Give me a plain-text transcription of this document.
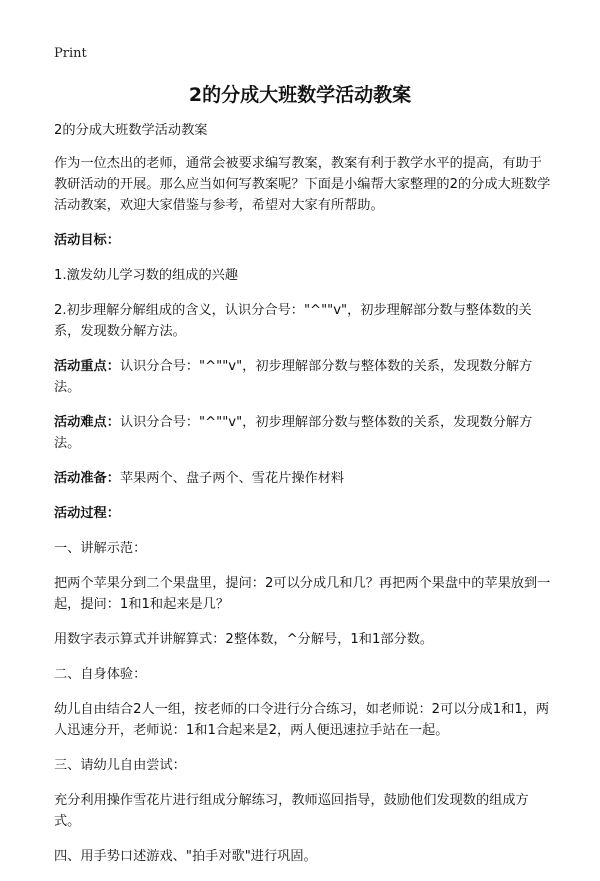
Print
2的分成大班数学活动教案

2的分成大班数学活动教案

作为一位杰出的老师，通常会被要求编写教案，教案有利于教学水平的提高，有助于教研活动的开展。那么应当如何写教案呢？下面是小编帮大家整理的2的分成大班数学活动教案，欢迎大家借鉴与参考，希望对大家有所帮助。

活动目标：

1.激发幼儿学习数的组成的兴趣

2.初步理解分解组成的含义，认识分合号："^""v"，初步理解部分数与整体数的关系，发现数分解方法。

活动重点：认识分合号："^""v"，初步理解部分数与整体数的关系，发现数分解方法。

活动难点：认识分合号："^""v"，初步理解部分数与整体数的关系，发现数分解方法。

活动准备：苹果两个、盘子两个、雪花片操作材料

活动过程：

一、讲解示范：

把两个苹果分到二个果盘里，提问：2可以分成几和几？再把两个果盘中的苹果放到一起，提问：1和1和起来是几？

用数字表示算式并讲解算式：2整体数，^分解号，1和1部分数。

二、自身体验：

幼儿自由结合2人一组，按老师的口令进行分合练习，如老师说：2可以分成1和1，两人迅速分开，老师说：1和1合起来是2，两人便迅速拉手站在一起。

三、请幼儿自由尝试：

充分利用操作雪花片进行组成分解练习，教师巡回指导，鼓励他们发现数的组成方式。

四、用手势口述游戏、"拍手对歌"进行巩固。
